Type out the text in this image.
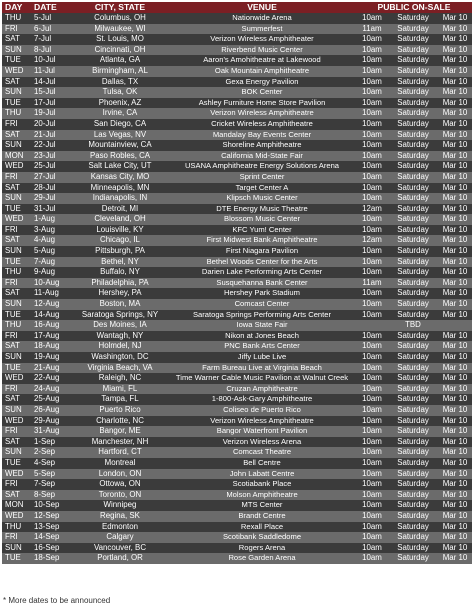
DAY	DATE	CITY, STATE	VENUE	PUBLIC ON-SALE		
THU	5-Jul	Columbus, OH	Nationwide Arena	10am	Saturday	Mar 10
FRI	6-Jul	Milwaukee, WI	Summerfest	11am	Saturday	Mar 10
SAT	7-Jul	St. Louis, MO	Verizon Wireless Amphitheater	10am	Saturday	Mar 10
SUN	8-Jul	Cincinnati, OH	Riverbend Music Center	10am	Saturday	Mar 10
TUE	10-Jul	Atlanta, GA	Aaron's Amohitheatre at Lakewood	10am	Saturday	Mar 10
WED	11-Jul	Birmingham, AL	Oak Mountain Amphitheatre	10am	Saturday	Mar 10
SAT	14-Jul	Dallas, TX	Gexa Energy Pavilion	10am	Saturday	Mar 10
SUN	15-Jul	Tulsa, OK	BOK Center	10am	Saturday	Mar 10
TUE	17-Jul	Phoenix, AZ	Ashley Furniture Home Store Pavilion	10am	Saturday	Mar 10
THU	19-Jul	Irvine, CA	Verizon Wireless Amphitheatre	10am	Saturday	Mar 10
FRI	20-Jul	San Diego, CA	Cricket Wireless Amphitheatre	10am	Saturday	Mar 10
SAT	21-Jul	Las Vegas, NV	Mandalay Bay Events Center	10am	Saturday	Mar 10
SUN	22-Jul	Mountainview, CA	Shoreline Amphitheatre	10am	Saturday	Mar 10
MON	23-Jul	Paso Robles, CA	California Mid-State Fair	10am	Saturday	Mar 10
WED	25-Jul	Salt Lake City, UT	USANA Amphitheatre Energy Solutions Arena	10am	Saturday	Mar 10
FRI	27-Jul	Kansas City, MO	Sprint Center	10am	Saturday	Mar 10
SAT	28-Jul	Minneapolis, MN	Target Center A	10am	Saturday	Mar 10
SUN	29-Jul	Indianapolis, IN	Klipsch Music Center	10am	Saturday	Mar 10
TUE	31-Jul	Detroit, MI	DTE Energy Music Theatre	12am	Saturday	Mar 10
WED	1-Aug	Cleveland, OH	Blossom Music Center	10am	Saturday	Mar 10
FRI	3-Aug	Louisville, KY	KFC Yum! Center	10am	Saturday	Mar 10
SAT	4-Aug	Chicago, IL	First Midwest Bank Amphitheatre	12am	Saturday	Mar 10
SUN	5-Aug	Pittsburgh, PA	First Niagara Pavilion	10am	Saturday	Mar 10
TUE	7-Aug	Bethel, NY	Bethel Woods Center for the Arts	10am	Saturday	Mar 10
THU	9-Aug	Buffalo, NY	Darien Lake Performing Arts Center	10am	Saturday	Mar 10
FRI	10-Aug	Philadelphia, PA	Susquehanna Bank Center	11am	Saturday	Mar 10
SAT	11-Aug	Hershey, PA	Hershey Park Stadium	10am	Saturday	Mar 10
SUN	12-Aug	Boston, MA	Comcast Center	10am	Saturday	Mar 10
TUE	14-Aug	Saratoga Springs, NY	Saratoga Springs Performing Arts Center	10am	Saturday	Mar 10
THU	16-Aug	Des Moines, IA	Iowa State Fair		TBD	
FRI	17-Aug	Wantagh, NY	Nikon at Jones Beach	10am	Saturday	Mar 10
SAT	18-Aug	Holmdel, NJ	PNC Bank Arts Center	10am	Saturday	Mar 10
SUN	19-Aug	Washington, DC	Jiffy Lube Live	10am	Saturday	Mar 10
TUE	21-Aug	Virginia Beach, VA	Farm Bureau Live at Virginia Beach	10am	Saturday	Mar 10
WED	22-Aug	Raleigh, NC	Time Warner Cable Music Pavilion at Walnut Creek	10am	Saturday	Mar 10
FRI	24-Aug	Miami, FL	Cruzan Amphitheatre	10am	Saturday	Mar 10
SAT	25-Aug	Tampa, FL	1-800-Ask-Gary Amphitheatre	10am	Saturday	Mar 10
SUN	26-Aug	Puerto Rico	Coliseo de Puerto Rico	10am	Saturday	Mar 10
WED	29-Aug	Charlotte, NC	Verizon Wireless Amphitheatre	10am	Saturday	Mar 10
FRI	31-Aug	Bangor, ME	Bangor Waterfront Pavilion	10am	Saturday	Mar 10
SAT	1-Sep	Manchester, NH	Verizon Wireless Arena	10am	Saturday	Mar 10
SUN	2-Sep	Hartford, CT	Comcast Theatre	10am	Saturday	Mar 10
TUE	4-Sep	Montreal	Bell Centre	10am	Saturday	Mar 10
WED	5-Sep	London, ON	John Labatt Centre	10am	Saturday	Mar 10
FRI	7-Sep	Ottowa, ON	Scotiabank Place	10am	Saturday	Mar 10
SAT	8-Sep	Toronto, ON	Molson Amphitheatre	10am	Saturday	Mar 10
MON	10-Sep	Winnipeg	MTS Center	10am	Saturday	Mar 10
WED	12-Sep	Regina, SK	Brandt Centre	10am	Saturday	Mar 10
THU	13-Sep	Edmonton	Rexall Place	10am	Saturday	Mar 10
FRI	14-Sep	Calgary	Scotibank Saddledome	10am	Saturday	Mar 10
SUN	16-Sep	Vancouver, BC	Rogers Arena	10am	Saturday	Mar 10
TUE	18-Sep	Portland, OR	Rose Garden Arena	10am	Saturday	Mar 10
* More dates to be announced
